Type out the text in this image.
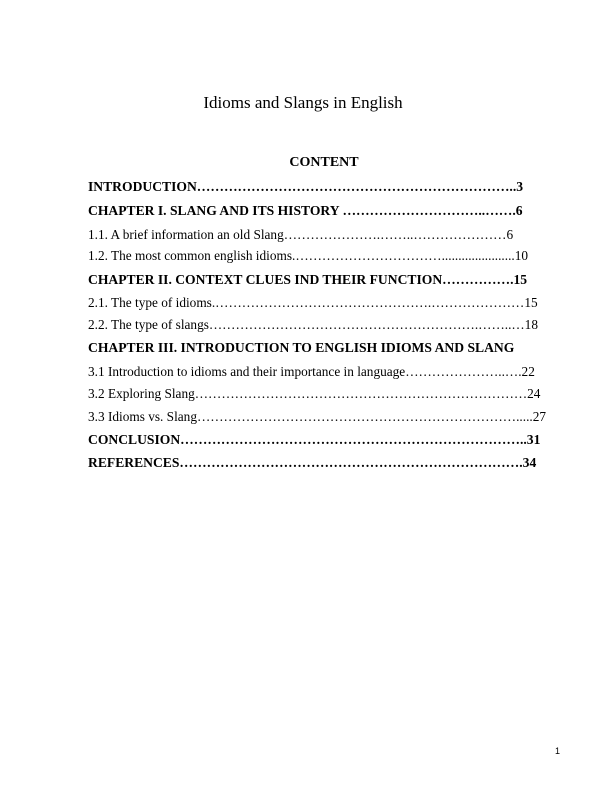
Idioms and Slangs in English
CONTENT
INTRODUCTION……………………………………………………………..3
CHAPTER I. SLANG AND ITS HISTORY …………………………..…….6
1.1. A brief information an old Slang………………….……..…………………6
1.2. The most common english idioms.……………………………......................10
CHAPTER II. CONTEXT CLUES IND THEIR FUNCTION…………….15
2.1. The type of idioms.………………………………………….…………………15
2.2. The type of slangs…………………………………………………….……..…18
CHAPTER III. INTRODUCTION TO ENGLISH IDIOMS AND SLANG
3.1 Introduction to idioms and their importance in language…………………..….22
3.2 Exploring Slang…………………………………………………………………24
3.3 Idioms vs. Slang……………………………………………………………….....27
CONCLUSION…………………………………………………………………..31
REFERENCES………………………………………………………………….34
1
